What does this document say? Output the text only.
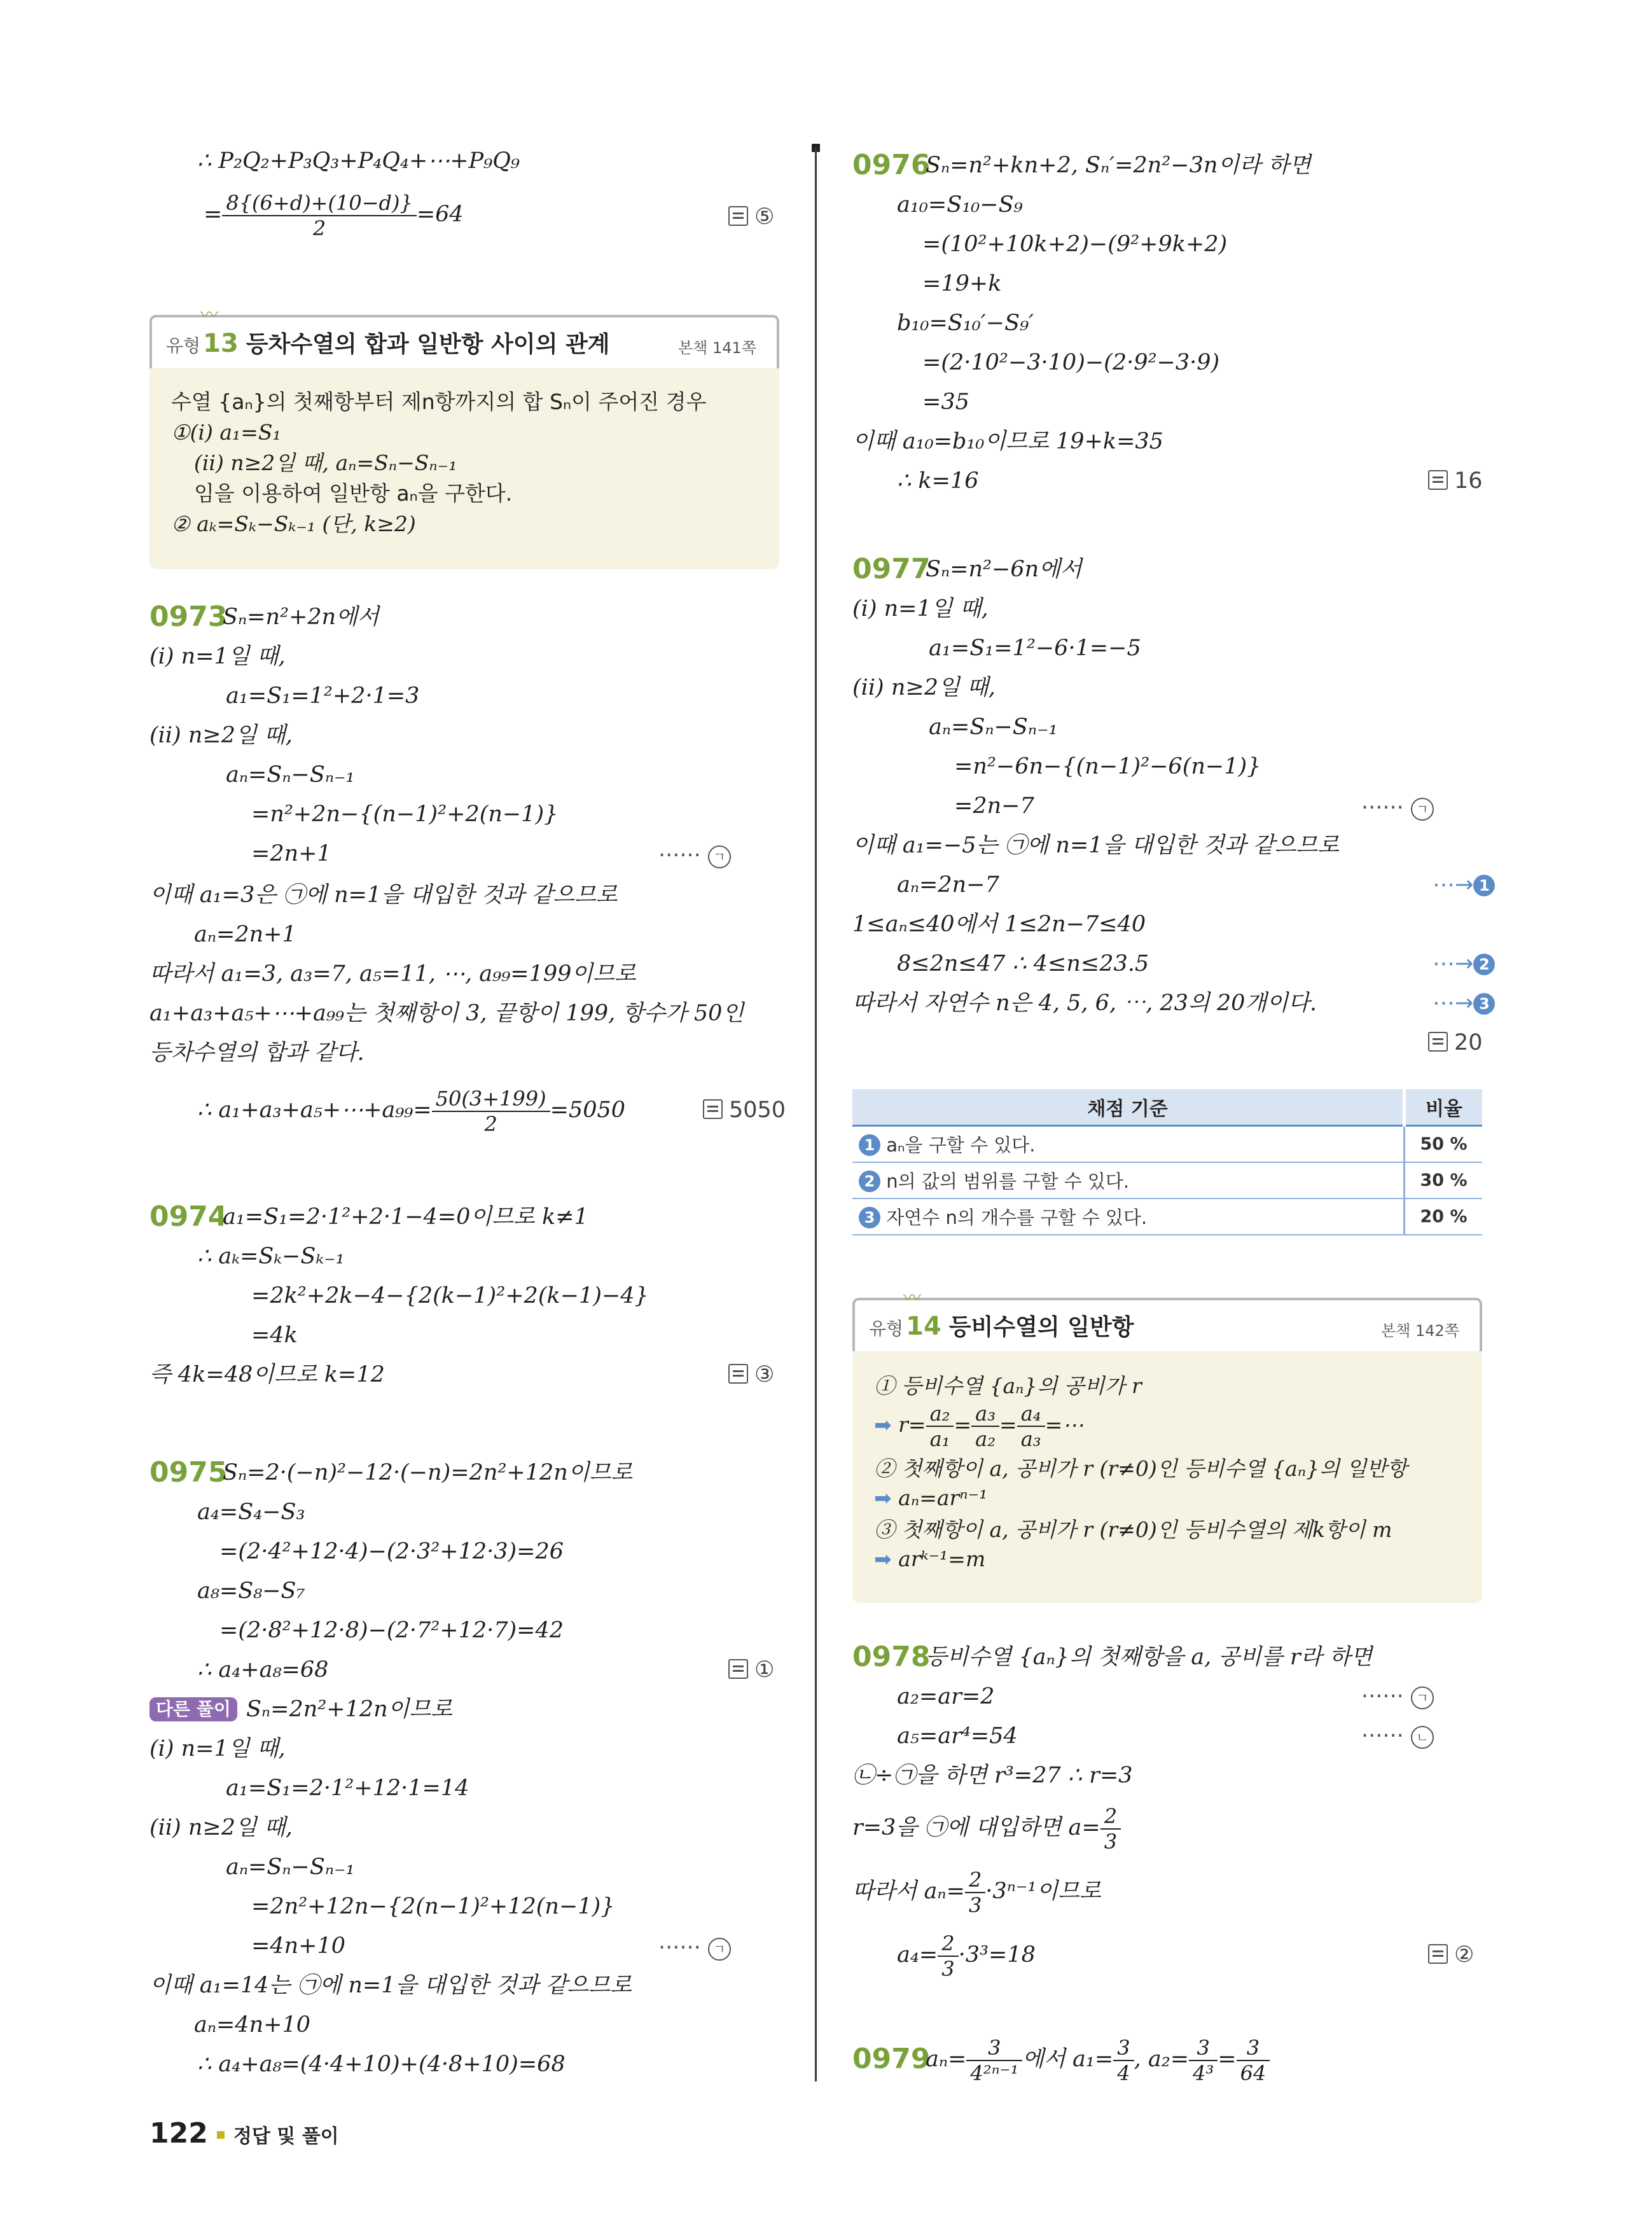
∴ P₂Q₂+P₃Q₃+P₄Q₄+⋯+P₉Q₉
= $\frac{8\{(6+d)+(10-d)\}}{2} =64$	⑤
〰
유형 13 등차수열의 합과 일반항 사이의 관계	본책 141쪽
수열 {aₙ}의 첫째항부터 제n항까지의 합 Sₙ이 주어진 경우
①(i) a₁=S₁
(ii) n≥2일 때, aₙ=Sₙ−Sₙ₋₁
임을 이용하여 일반항 aₙ을 구한다.
② aₖ=Sₖ−Sₖ₋₁ (단, k≥2)
0973
Sₙ=n²+2n에서
(i) n=1일 때,
a₁=S₁=1²+2·1=3
(ii) n≥2일 때,
aₙ=Sₙ−Sₙ₋₁
=n²+2n−{(n−1)²+2(n−1)}
=2n+1	······ ㄱ
이때 a₁=3은 ㉠에 n=1을 대입한 것과 같으므로
aₙ=2n+1
따라서 a₁=3, a₃=7, a₅=11, ⋯, a₉₉=199이므로
a₁+a₃+a₅+⋯+a₉₉는 첫째항이 3, 끝항이 199, 항수가 50인
등차수열의 합과 같다.
∴ a₁+a₃+a₅+⋯+a₉₉= $\frac{50(3+199)}{2} =5050$	5050
0974
a₁=S₁=2·1²+2·1−4=0이므로 k≠1
∴ aₖ=Sₖ−Sₖ₋₁
=2k²+2k−4−{2(k−1)²+2(k−1)−4}
=4k
즉 4k=48이므로 k=12	③
0975
Sₙ=2·(−n)²−12·(−n)=2n²+12n이므로
a₄=S₄−S₃
=(2·4²+12·4)−(2·3²+12·3)=26
a₈=S₈−S₇
=(2·8²+12·8)−(2·7²+12·7)=42
∴ a₄+a₈=68	①
다른 풀이 Sₙ=2n²+12n이므로
(i) n=1일 때,
a₁=S₁=2·1²+12·1=14
(ii) n≥2일 때,
aₙ=Sₙ−Sₙ₋₁
=2n²+12n−{2(n−1)²+12(n−1)}
=4n+10	······ ㄱ
이때 a₁=14는 ㉠에 n=1을 대입한 것과 같으므로
aₙ=4n+10
∴ a₄+a₈=(4·4+10)+(4·8+10)=68
0976
Sₙ=n²+kn+2, Sₙ′=2n²−3n이라 하면
a₁₀=S₁₀−S₉
=(10²+10k+2)−(9²+9k+2)
=19+k
b₁₀=S₁₀′−S₉′
=(2·10²−3·10)−(2·9²−3·9)
=35
이때 a₁₀=b₁₀이므로 19+k=35
∴ k=16	16
0977
Sₙ=n²−6n에서
(i) n=1일 때,
a₁=S₁=1²−6·1=−5
(ii) n≥2일 때,
aₙ=Sₙ−Sₙ₋₁
=n²−6n−{(n−1)²−6(n−1)}
=2n−7	······ ㄱ
이때 a₁=−5는 ㉠에 n=1을 대입한 것과 같으므로
aₙ=2n−7	⋯→ 1
1≤aₙ≤40에서 1≤2n−7≤40
8≤2n≤47 ∴ 4≤n≤23.5	⋯→ 2
따라서 자연수 n은 4, 5, 6, ⋯, 23의 20개이다.	⋯→ 3
20
〰
유형 14 등비수열의 일반항	본책 142쪽
① 등비수열 {aₙ}의 공비가 r
➡ $r= \frac{\text{a₂}}{\text{a₁}} = \frac{\text{a₃}}{\text{a₂}} = \frac{\text{a₄}}{\text{a₃}}$ =⋯
② 첫째항이 a, 공비가 r (r≠0)인 등비수열 {aₙ}의 일반항
➡ aₙ=arⁿ⁻¹
③ 첫째항이 a, 공비가 r (r≠0)인 등비수열의 제k항이 m
➡ arᵏ⁻¹=m
0978
등비수열 {aₙ}의 첫째항을 a, 공비를 r라 하면
a₂=ar=2	······ ㄱ
a₅=ar⁴=54	······ ㄴ
㉡÷㉠을 하면 r³=27 ∴ r=3
r=3을 ㉠에 대입하면 $a= \frac{2}{3}$
따라서 $a_n= \frac{2}{3} \cdot 3^{n-1}$이므로
$a_4= \frac{2}{3} \cdot 3^3=18$	②
0979
$a_n= \frac{3}{\text{4²ⁿ⁻¹}}$ 에서 $a_1= \frac{3}{4}$ , $a_2= \frac{3}{\text{4³}} = \frac{3}{64}$
채점 기준	비율
1 aₙ을 구할 수 있다.	50 %
2 n의 값의 범위를 구할 수 있다.	30 %
3 자연수 n의 개수를 구할 수 있다.	20 %
122 정답 및 풀이
